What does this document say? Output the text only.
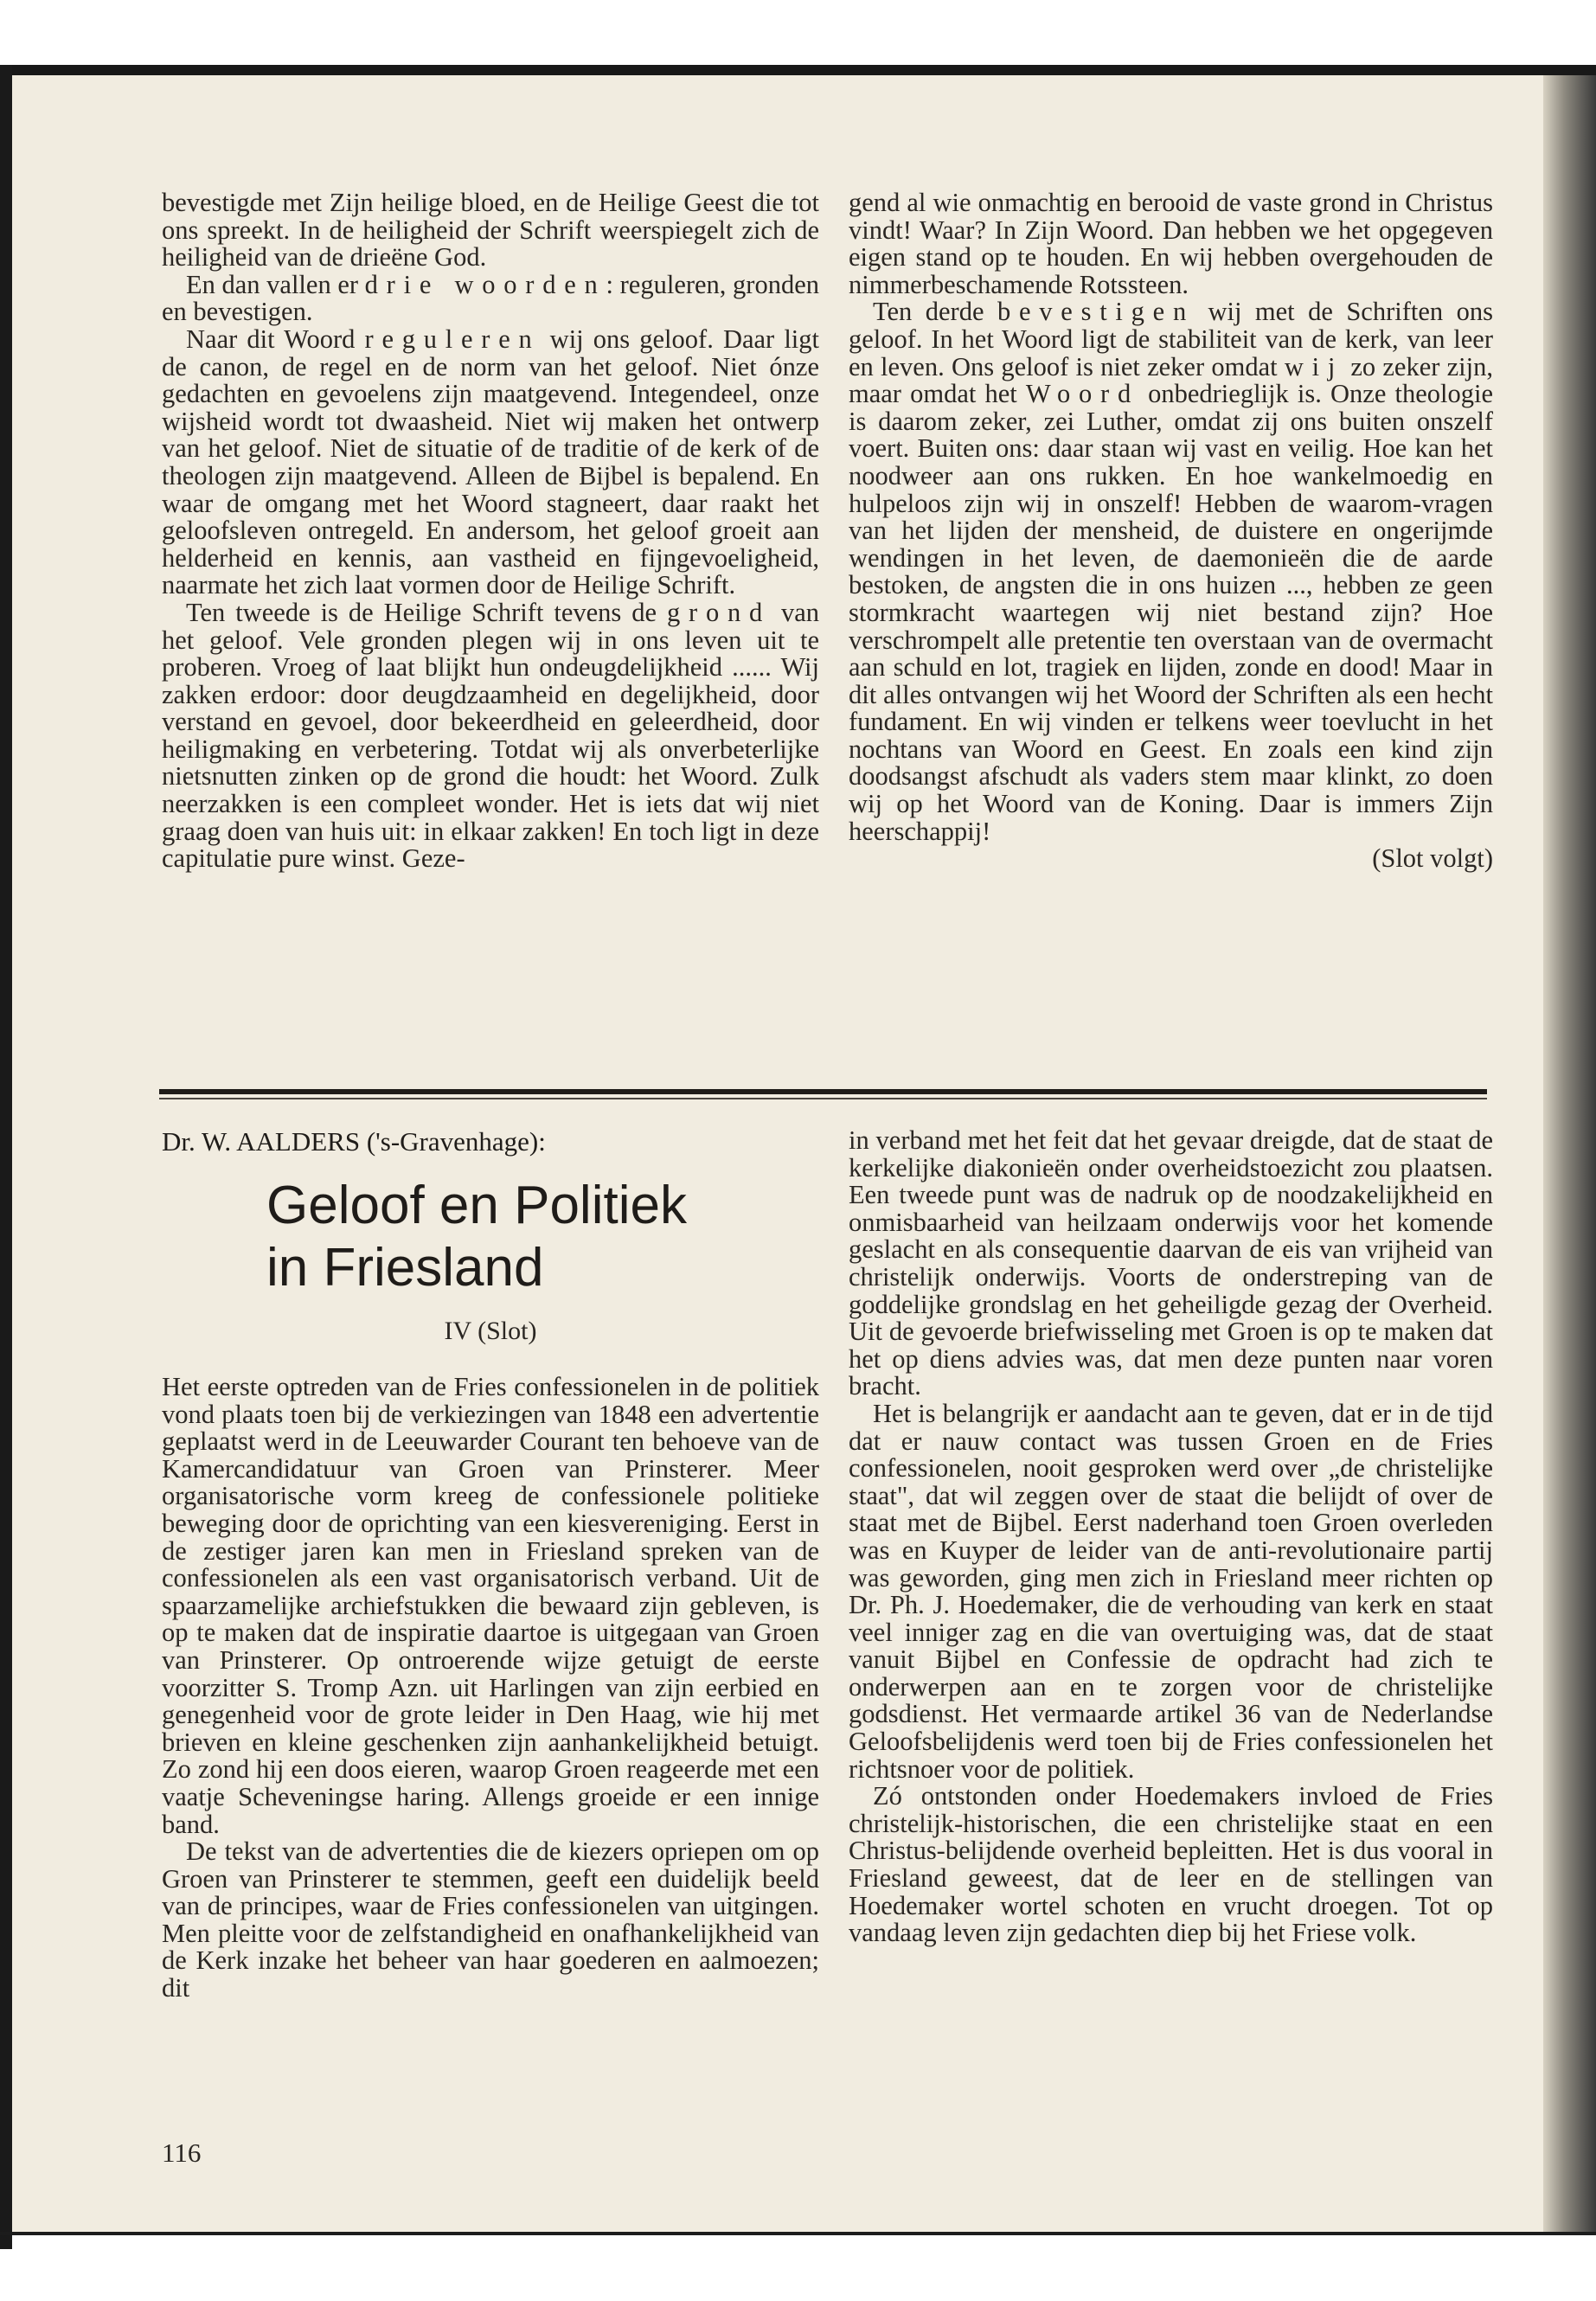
bevestigde met Zijn heilige bloed, en de Heilige Geest die tot ons spreekt. In de heiligheid der Schrift weerspiegelt zich de heiligheid van de drieëne God.

En dan vallen er drie woorden: reguleren, gronden en bevestigen.

Naar dit Woord reguleren wij ons geloof. Daar ligt de canon, de regel en de norm van het geloof. Niet ónze gedachten en gevoelens zijn maatgevend. Integendeel, onze wijsheid wordt tot dwaasheid. Niet wij maken het ontwerp van het geloof. Niet de situatie of de traditie of de kerk of de theologen zijn maatgevend. Alleen de Bijbel is bepalend. En waar de omgang met het Woord stagneert, daar raakt het geloofsleven ontregeld. En andersom, het geloof groeit aan helderheid en kennis, aan vastheid en fijngevoeligheid, naarmate het zich laat vormen door de Heilige Schrift.

Ten tweede is de Heilige Schrift tevens de grond van het geloof. Vele gronden plegen wij in ons leven uit te proberen. Vroeg of laat blijkt hun ondeugdelijkheid ...... Wij zakken erdoor: door deugdzaamheid en degelijkheid, door verstand en gevoel, door bekeerdheid en geleerdheid, door heiligmaking en verbetering. Totdat wij als onverbeterlijke nietsnutten zinken op de grond die houdt: het Woord. Zulk neerzakken is een compleet wonder. Het is iets dat wij niet graag doen van huis uit: in elkaar zakken! En toch ligt in deze capitulatie pure winst. Geze-

gend al wie onmachtig en berooid de vaste grond in Christus vindt! Waar? In Zijn Woord. Dan hebben we het opgegeven eigen stand op te houden. En wij hebben overgehouden de nimmerbeschamende Rotssteen.

Ten derde bevestigen wij met de Schriften ons geloof. In het Woord ligt de stabiliteit van de kerk, van leer en leven. Ons geloof is niet zeker omdat wij zo zeker zijn, maar omdat het Woord onbedrieglijk is. Onze theologie is daarom zeker, zei Luther, omdat zij ons buiten onszelf voert. Buiten ons: daar staan wij vast en veilig. Hoe kan het noodweer aan ons rukken. En hoe wankelmoedig en hulpeloos zijn wij in onszelf! Hebben de waarom-vragen van het lijden der mensheid, de duistere en ongerijmde wendingen in het leven, de daemonieën die de aarde bestoken, de angsten die in ons huizen ..., hebben ze geen stormkracht waartegen wij niet bestand zijn? Hoe verschrompelt alle pretentie ten overstaan van de overmacht aan schuld en lot, tragiek en lijden, zonde en dood! Maar in dit alles ontvangen wij het Woord der Schriften als een hecht fundament. En wij vinden er telkens weer toevlucht in het nochtans van Woord en Geest. En zoals een kind zijn doodsangst afschudt als vaders stem maar klinkt, zo doen wij op het Woord van de Koning. Daar is immers Zijn heerschappij!

(Slot volgt)

Dr. W. AALDERS ('s-Gravenhage):
Geloof en Politiek
in Friesland
IV (Slot)

Het eerste optreden van de Fries confessionelen in de politiek vond plaats toen bij de verkiezingen van 1848 een advertentie geplaatst werd in de Leeuwarder Courant ten behoeve van de Kamercandidatuur van Groen van Prinsterer. Meer organisatorische vorm kreeg de confessionele politieke beweging door de oprichting van een kiesvereniging. Eerst in de zestiger jaren kan men in Friesland spreken van de confessionelen als een vast organisatorisch verband. Uit de spaarzamelijke archiefstukken die bewaard zijn gebleven, is op te maken dat de inspiratie daartoe is uitgegaan van Groen van Prinsterer. Op ontroerende wijze getuigt de eerste voorzitter S. Tromp Azn. uit Harlingen van zijn eerbied en genegenheid voor de grote leider in Den Haag, wie hij met brieven en kleine geschenken zijn aanhankelijkheid betuigt. Zo zond hij een doos eieren, waarop Groen reageerde met een vaatje Scheveningse haring. Allengs groeide er een innige band.

De tekst van de advertenties die de kiezers opriepen om op Groen van Prinsterer te stemmen, geeft een duidelijk beeld van de principes, waar de Fries confessionelen van uitgingen. Men pleitte voor de zelfstandigheid en onafhankelijkheid van de Kerk inzake het beheer van haar goederen en aalmoezen; dit

116

in verband met het feit dat het gevaar dreigde, dat de staat de kerkelijke diakonieën onder overheidstoezicht zou plaatsen. Een tweede punt was de nadruk op de noodzakelijkheid en onmisbaarheid van heilzaam onderwijs voor het komende geslacht en als consequentie daarvan de eis van vrijheid van christelijk onderwijs. Voorts de onderstreping van de goddelijke grondslag en het geheiligde gezag der Overheid. Uit de gevoerde briefwisseling met Groen is op te maken dat het op diens advies was, dat men deze punten naar voren bracht.

Het is belangrijk er aandacht aan te geven, dat er in de tijd dat er nauw contact was tussen Groen en de Fries confessionelen, nooit gesproken werd over „de christelijke staat", dat wil zeggen over de staat die belijdt of over de staat met de Bijbel. Eerst naderhand toen Groen overleden was en Kuyper de leider van de anti-revolutionaire partij was geworden, ging men zich in Friesland meer richten op Dr. Ph. J. Hoedemaker, die de verhouding van kerk en staat veel inniger zag en die van overtuiging was, dat de staat vanuit Bijbel en Confessie de opdracht had zich te onderwerpen aan en te zorgen voor de christelijke godsdienst. Het vermaarde artikel 36 van de Nederlandse Geloofsbelijdenis werd toen bij de Fries confessionelen het richtsnoer voor de politiek.

Zó ontstonden onder Hoedemakers invloed de Fries christelijk-historischen, die een christelijke staat en een Christus-belijdende overheid bepleitten. Het is dus vooral in Friesland geweest, dat de leer en de stellingen van Hoedemaker wortel schoten en vrucht droegen. Tot op vandaag leven zijn gedachten diep bij het Friese volk.
